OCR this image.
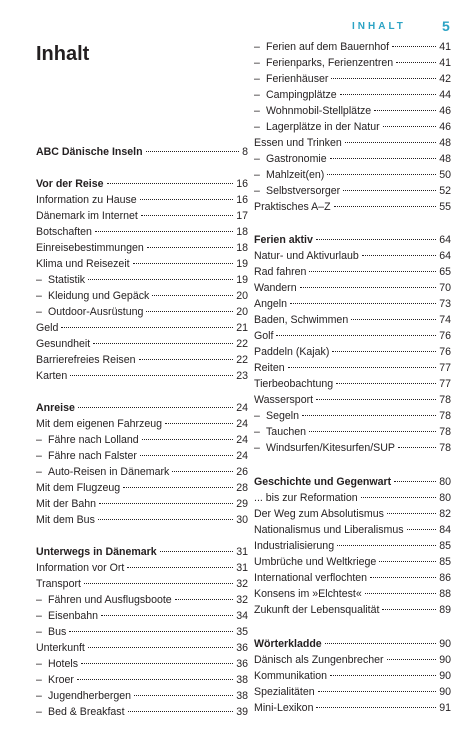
INHALT	5
Inhalt
ABC Dänische Inseln	8
Vor der Reise	16
Information zu Hause	16
Dänemark im Internet	17
Botschaften	18
Einreisebestimmungen	18
Klima und Reisezeit	19
– Statistik	19
– Kleidung und Gepäck	20
– Outdoor-Ausrüstung	20
Geld	21
Gesundheit	22
Barrierefreies Reisen	22
Karten	23
Anreise	24
Mit dem eigenen Fahrzeug	24
– Fähre nach Lolland	24
– Fähre nach Falster	24
– Auto-Reisen in Dänemark	26
Mit dem Flugzeug	28
Mit der Bahn	29
Mit dem Bus	30
Unterwegs in Dänemark	31
Information vor Ort	31
Transport	32
– Fähren und Ausflugsboote	32
– Eisenbahn	34
– Bus	35
Unterkunft	36
– Hotels	36
– Kroer	38
– Jugendherbergen	38
– Bed & Breakfast	39
– Ferien auf dem Bauernhof	41
– Ferienparks, Ferienzentren	41
– Ferienhäuser	42
– Campingplätze	44
– Wohnmobil-Stellplätze	46
– Lagerplätze in der Natur	46
Essen und Trinken	48
– Gastronomie	48
– Mahlzeit(en)	50
– Selbstversorger	52
Praktisches A–Z	55
Ferien aktiv	64
Natur- und Aktivurlaub	64
Rad fahren	65
Wandern	70
Angeln	73
Baden, Schwimmen	74
Golf	76
Paddeln (Kajak)	76
Reiten	77
Tierbeobachtung	77
Wassersport	78
– Segeln	78
– Tauchen	78
– Windsurfen/Kitesurfen/SUP	78
Geschichte und Gegenwart	80
... bis zur Reformation	80
Der Weg zum Absolutismus	82
Nationalismus und Liberalismus	84
Industrialisierung	85
Umbrüche und Weltkriege	85
International verflochten	86
Konsens im »Elchtest«	88
Zukunft der Lebensqualität	89
Wörterkladde	90
Dänisch als Zungenbrecher	90
Kommunikation	90
Spezialitäten	90
Mini-Lexikon	91
